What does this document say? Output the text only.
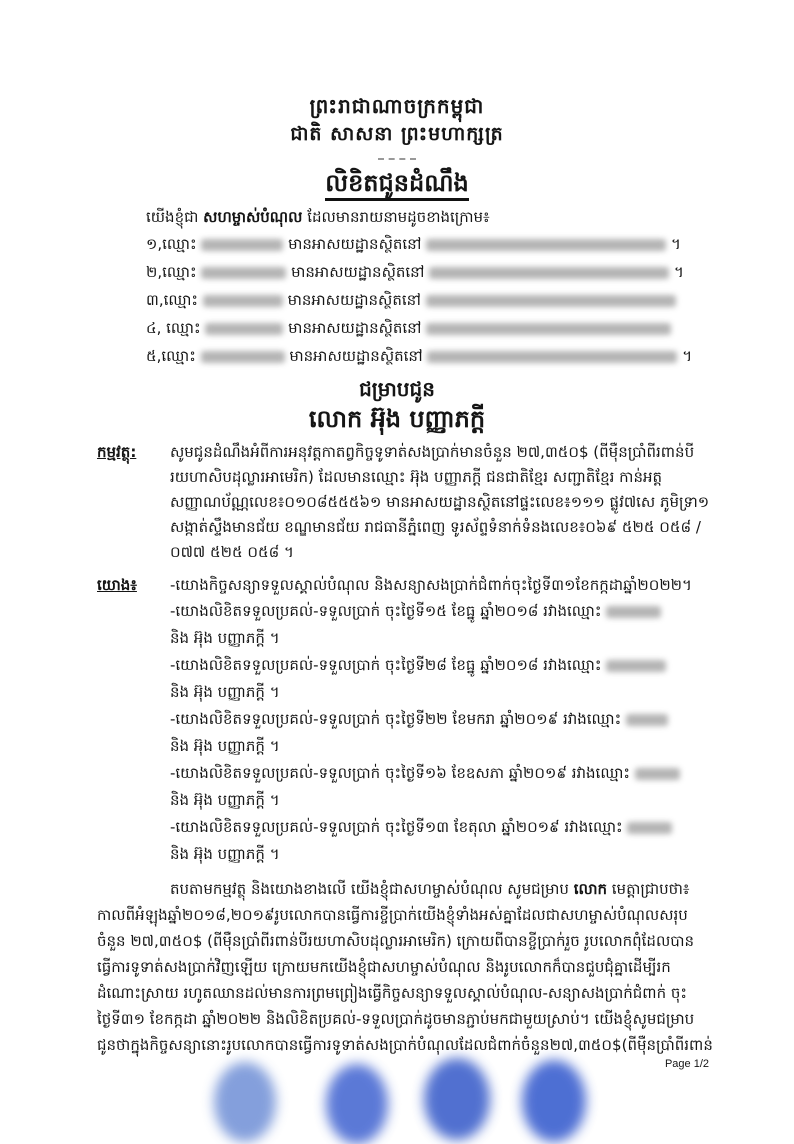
ព្រះរាជាណាចក្រកម្ពុជា
ជាតិ សាសនា ព្រះមហាក្សត្រ
លិខិតជូនដំណឹង
យើងខ្ញុំជា សហម្ចាស់បំណុល ដែលមានរាយនាមដូចខាងក្រោម៖
១,ឈ្មោះ	មានអាសយដ្ឋានស្ថិតនៅ	។
២,ឈ្មោះ	មានអាសយដ្ឋានស្ថិតនៅ	។
៣,ឈ្មោះ	មានអាសយដ្ឋានស្ថិតនៅ
៤, ឈ្មោះ	មានអាសយដ្ឋានស្ថិតនៅ
៥,ឈ្មោះ	មានអាសយដ្ឋានស្ថិតនៅ	។
ជម្រាបជូន
លោក អ៊ុង បញ្ញាភក្តី
កម្មវត្ថុ: សូមជូនដំណឹងអំពីការអនុវត្តកាតព្វកិច្ចទូទាត់សងប្រាក់មានចំនួន ២៧,៣៥០$ (ពីម៉ឺនប្រាំពីរពាន់បី
រយហាសិបដុល្លារអាមេរិក) ដែលមានឈ្មោះ អ៊ុង បញ្ញាភក្តី ជនជាតិខ្មែរ សញ្ជាតិខ្មែរ កាន់អត្ត
សញ្ញាណប័ណ្ណលេខ៖០១០៨៥៥៥៦១ មានអាសយដ្ឋានស្ថិតនៅផ្ទះលេខ៖១១១ ផ្លូវ៧សេ ភូមិទ្រា១
សង្កាត់ស្ទឹងមានជ័យ ខណ្ឌមានជ័យ រាជធានីភ្នំពេញ ទូរស័ព្ទទំនាក់ទំនងលេខ៖០៦៩ ៥២៥ ០៥៨ /
០៧៧ ៥២៥ ០៥៨ ។
យោង៖ -យោងកិច្ចសន្យាទទួលស្គាល់បំណុល និងសន្យាសងប្រាក់ជំពាក់ចុះថ្ងៃទី៣១ខែកក្កដាឆ្នាំ២០២២។
-យោងលិខិតទទួលប្រគល់-ទទួលប្រាក់ ចុះថ្ងៃទី១៥ ខែធ្នូ ឆ្នាំ២០១៨ រវាងឈ្មោះ
និង អ៊ុង បញ្ញាភក្តី ។
-យោងលិខិតទទួលប្រគល់-ទទួលប្រាក់ ចុះថ្ងៃទី២៨ ខែធ្នូ ឆ្នាំ២០១៨ រវាងឈ្មោះ
និង អ៊ុង បញ្ញាភក្តី ។
-យោងលិខិតទទួលប្រគល់-ទទួលប្រាក់ ចុះថ្ងៃទី២២ ខែមករា ឆ្នាំ២០១៩ រវាងឈ្មោះ
និង អ៊ុង បញ្ញាភក្តី ។
-យោងលិខិតទទួលប្រគល់-ទទួលប្រាក់ ចុះថ្ងៃទី១៦ ខែឧសភា ឆ្នាំ២០១៩ រវាងឈ្មោះ
និង អ៊ុង បញ្ញាភក្តី ។
-យោងលិខិតទទួលប្រគល់-ទទួលប្រាក់ ចុះថ្ងៃទី១៣ ខែតុលា ឆ្នាំ២០១៩ រវាងឈ្មោះ
និង អ៊ុង បញ្ញាភក្តី ។
តបតាមកម្មវត្ថុ និងយោងខាងលើ យើងខ្ញុំជាសហម្ចាស់បំណុល សូមជម្រាប លោក មេត្តាជ្រាបថា៖
កាលពីអំឡុងឆ្នាំ២០១៨,២០១៩រូបលោកបានធ្វើការខ្ចីប្រាក់យើងខ្ញុំទាំងអស់គ្នាដែលជាសហម្ចាស់បំណុលសរុប
ចំនួន ២៧,៣៥០$ (ពីម៉ឺនប្រាំពីរពាន់បីរយហាសិបដុល្លារអាមេរិក) ក្រោយពីបានខ្ចីប្រាក់រួច រូបលោកពុំដែលបាន
ធ្វើការទូទាត់សងប្រាក់វិញឡើយ ក្រោយមកយើងខ្ញុំជាសហម្ចាស់បំណុល និងរូបលោកក៏បានជួបជុំគ្នាដើម្បីរក
ដំណោះស្រាយ រហូតឈានដល់មានការព្រមព្រៀងធ្វើកិច្ចសន្យាទទួលស្គាល់បំណុល-សន្យាសងប្រាក់ជំពាក់ ចុះ
ថ្ងៃទី៣១ ខែកក្កដា ឆ្នាំ២០២២ និងលិខិតប្រគល់-ទទួលប្រាក់ដូចមានភ្ជាប់មកជាមួយស្រាប់។ យើងខ្ញុំសូមជម្រាប
ជូនថាក្នុងកិច្ចសន្យានោះរូបលោកបានធ្វើការទូទាត់សងប្រាក់បំណុលដែលជំពាក់ចំនួន២៧,៣៥០$(ពីម៉ឺនប្រាំពីរពាន់
Page 1/2
